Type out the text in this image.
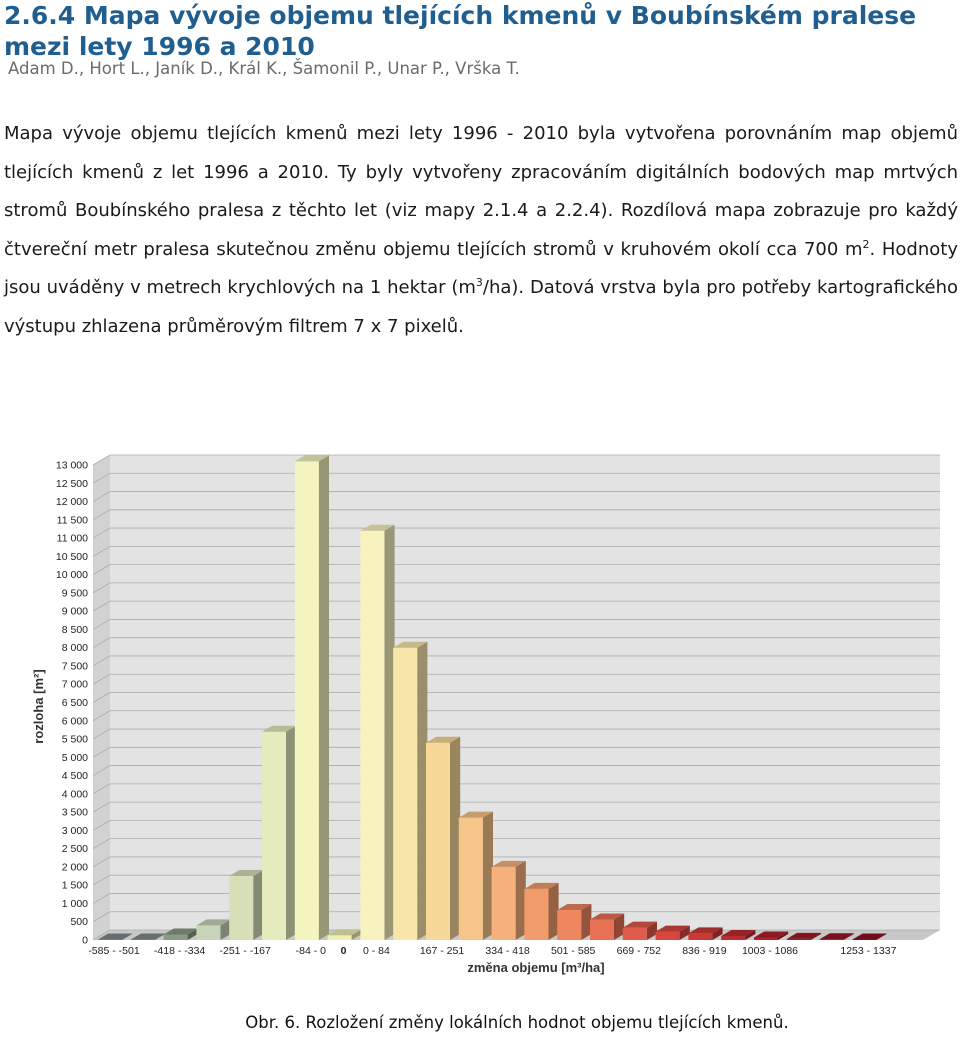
2.6.4 Mapa vývoje objemu tlejících kmenů v Boubínském pralese mezi lety 1996 a 2010
Adam D., Hort L., Janík D., Král K., Šamonil P., Unar P., Vrška T.

Mapa vývoje objemu tlejících kmenů mezi lety 1996 - 2010 byla vytvořena porovnáním map objemů tlejících kmenů z let 1996 a 2010. Ty byly vytvořeny zpracováním digitálních bodových map mrtvých stromů Boubínského pralesa z těchto let (viz mapy 2.1.4 a 2.2.4). Rozdílová mapa zobrazuje pro každý čtvereční metr pralesa skutečnou změnu objemu tlejících stromů v kruhovém okolí cca 700 $m^2$. Hodnoty jsou uváděny v metrech krychlových na 1 hektar $(m^3/ha)$. Datová vrstva byla pro potřeby kartografického výstupu zhlazena průměrovým filtrem 7 x 7 pixelů.

0
500
1 000
1 500
2 000
2 500
3 000
3 500
4 000
4 500
5 000
5 500
6 000
6 500
7 000
7 500
8 000
8 500
9 000
9 500
10 000
10 500
11 000
11 500
12 000
12 500
13 000
-585 - -501 -418 - -334 -251 - -167 -84 - 0 0 0 - 84	167 - 251 334 - 418 501 - 585 669 - 752 836 - 919 1003 - 1086	1253 - 1337
změna objemu [m³/ha]
rozloha [m²]
Obr. 6. Rozložení změny lokálních hodnot objemu tlejících kmenů.
